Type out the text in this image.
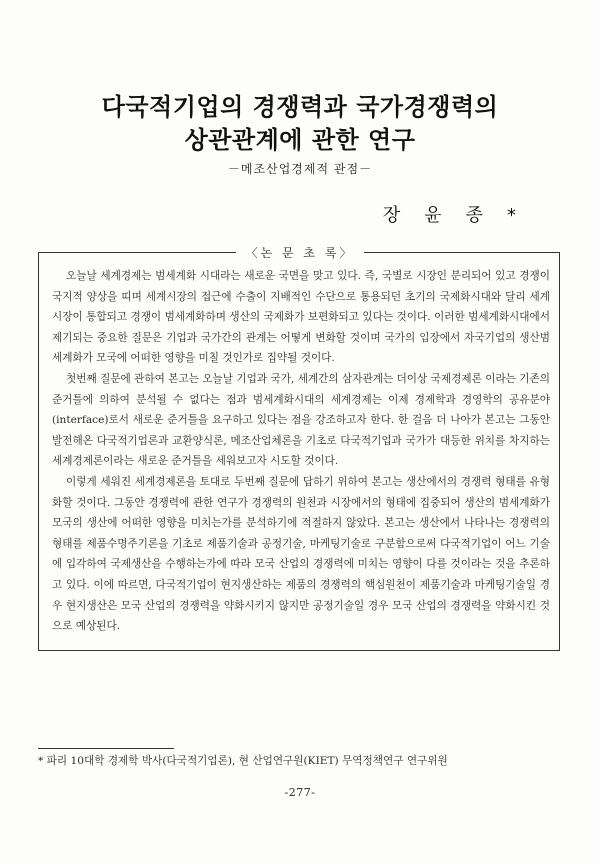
다국적기업의 경쟁력과 국가경쟁력의
상관관계에 관한 연구
－메조산업경제적 관점－
장윤종*
〈논 문 초 록〉

오늘날 세계경제는 범세계화 시대라는 새로운 국면을 맞고 있다. 즉, 국별로 시장인 분리되어 있고 경쟁이 국지적 양상을 띠며 세계시장의 접근에 수출이 지배적인 수단으로 통용되던 초기의 국제화시대와 달리 세계시장이 통합되고 경쟁이 범세계화하며 생산의 국제화가 보편화되고 있다는 것이다. 이러한 범세계화시대에서 제기되는 중요한 질문은 기업과 국가간의 관계는 어떻게 변화할 것이며 국가의 입장에서 자국기업의 생산범세계화가 모국에 어떠한 영향을 미칠 것인가로 집약될 것이다.

첫번째 질문에 관하여 본고는 오늘날 기업과 국가, 세계간의 삼자관계는 더이상 국제경제론 이라는 기존의 준거틀에 의하여 분석될 수 없다는 점과 범세계화시대의 세계경제는 이제 경제학과 경영학의 공유분야(interface)로서 새로운 준거틀을 요구하고 있다는 점을 강조하고자 한다. 한 걸음 더 나아가 본고는 그동안 발전해온 다국적기업론과 교환양식론, 메조산업체론을 기초로 다국적기업과 국가가 대등한 위치를 차지하는 세계경제론이라는 새로운 준거틀을 세워보고자 시도할 것이다.

이렇게 세워진 세계경제론을 토대로 두번째 질문에 답하기 위하여 본고는 생산에서의 경쟁력 형태를 유형화할 것이다. 그동안 경쟁력에 관한 연구가 경쟁력의 원천과 시장에서의 형태에 집중되어 생산의 범세계화가 모국의 생산에 어떠한 영향을 미치는가를 분석하기에 적절하지 않았다. 본고는 생산에서 나타나는 경쟁력의 형태를 제품수명주기론을 기초로 제품기술과 공정기술, 마케팅기술로 구분함으로써 다국적기업이 어느 기술에 입각하여 국제생산을 수행하는가에 따라 모국 산업의 경쟁력에 미치는 영향이 다를 것이라는 것을 추론하고 있다. 이에 따르면, 다국적기업이 현지생산하는 제품의 경쟁력의 핵심원천이 제품기술과 마케팅기술일 경우 현지생산은 모국 산업의 경쟁력을 약화시키지 않지만 공정기술일 경우 모국 산업의 경쟁력을 약화시킨 것으로 예상된다.

* 파리 10대학 경제학 박사(다국적기업론), 현 산업연구원(KIET) 무역정책연구 연구위원
-277-
